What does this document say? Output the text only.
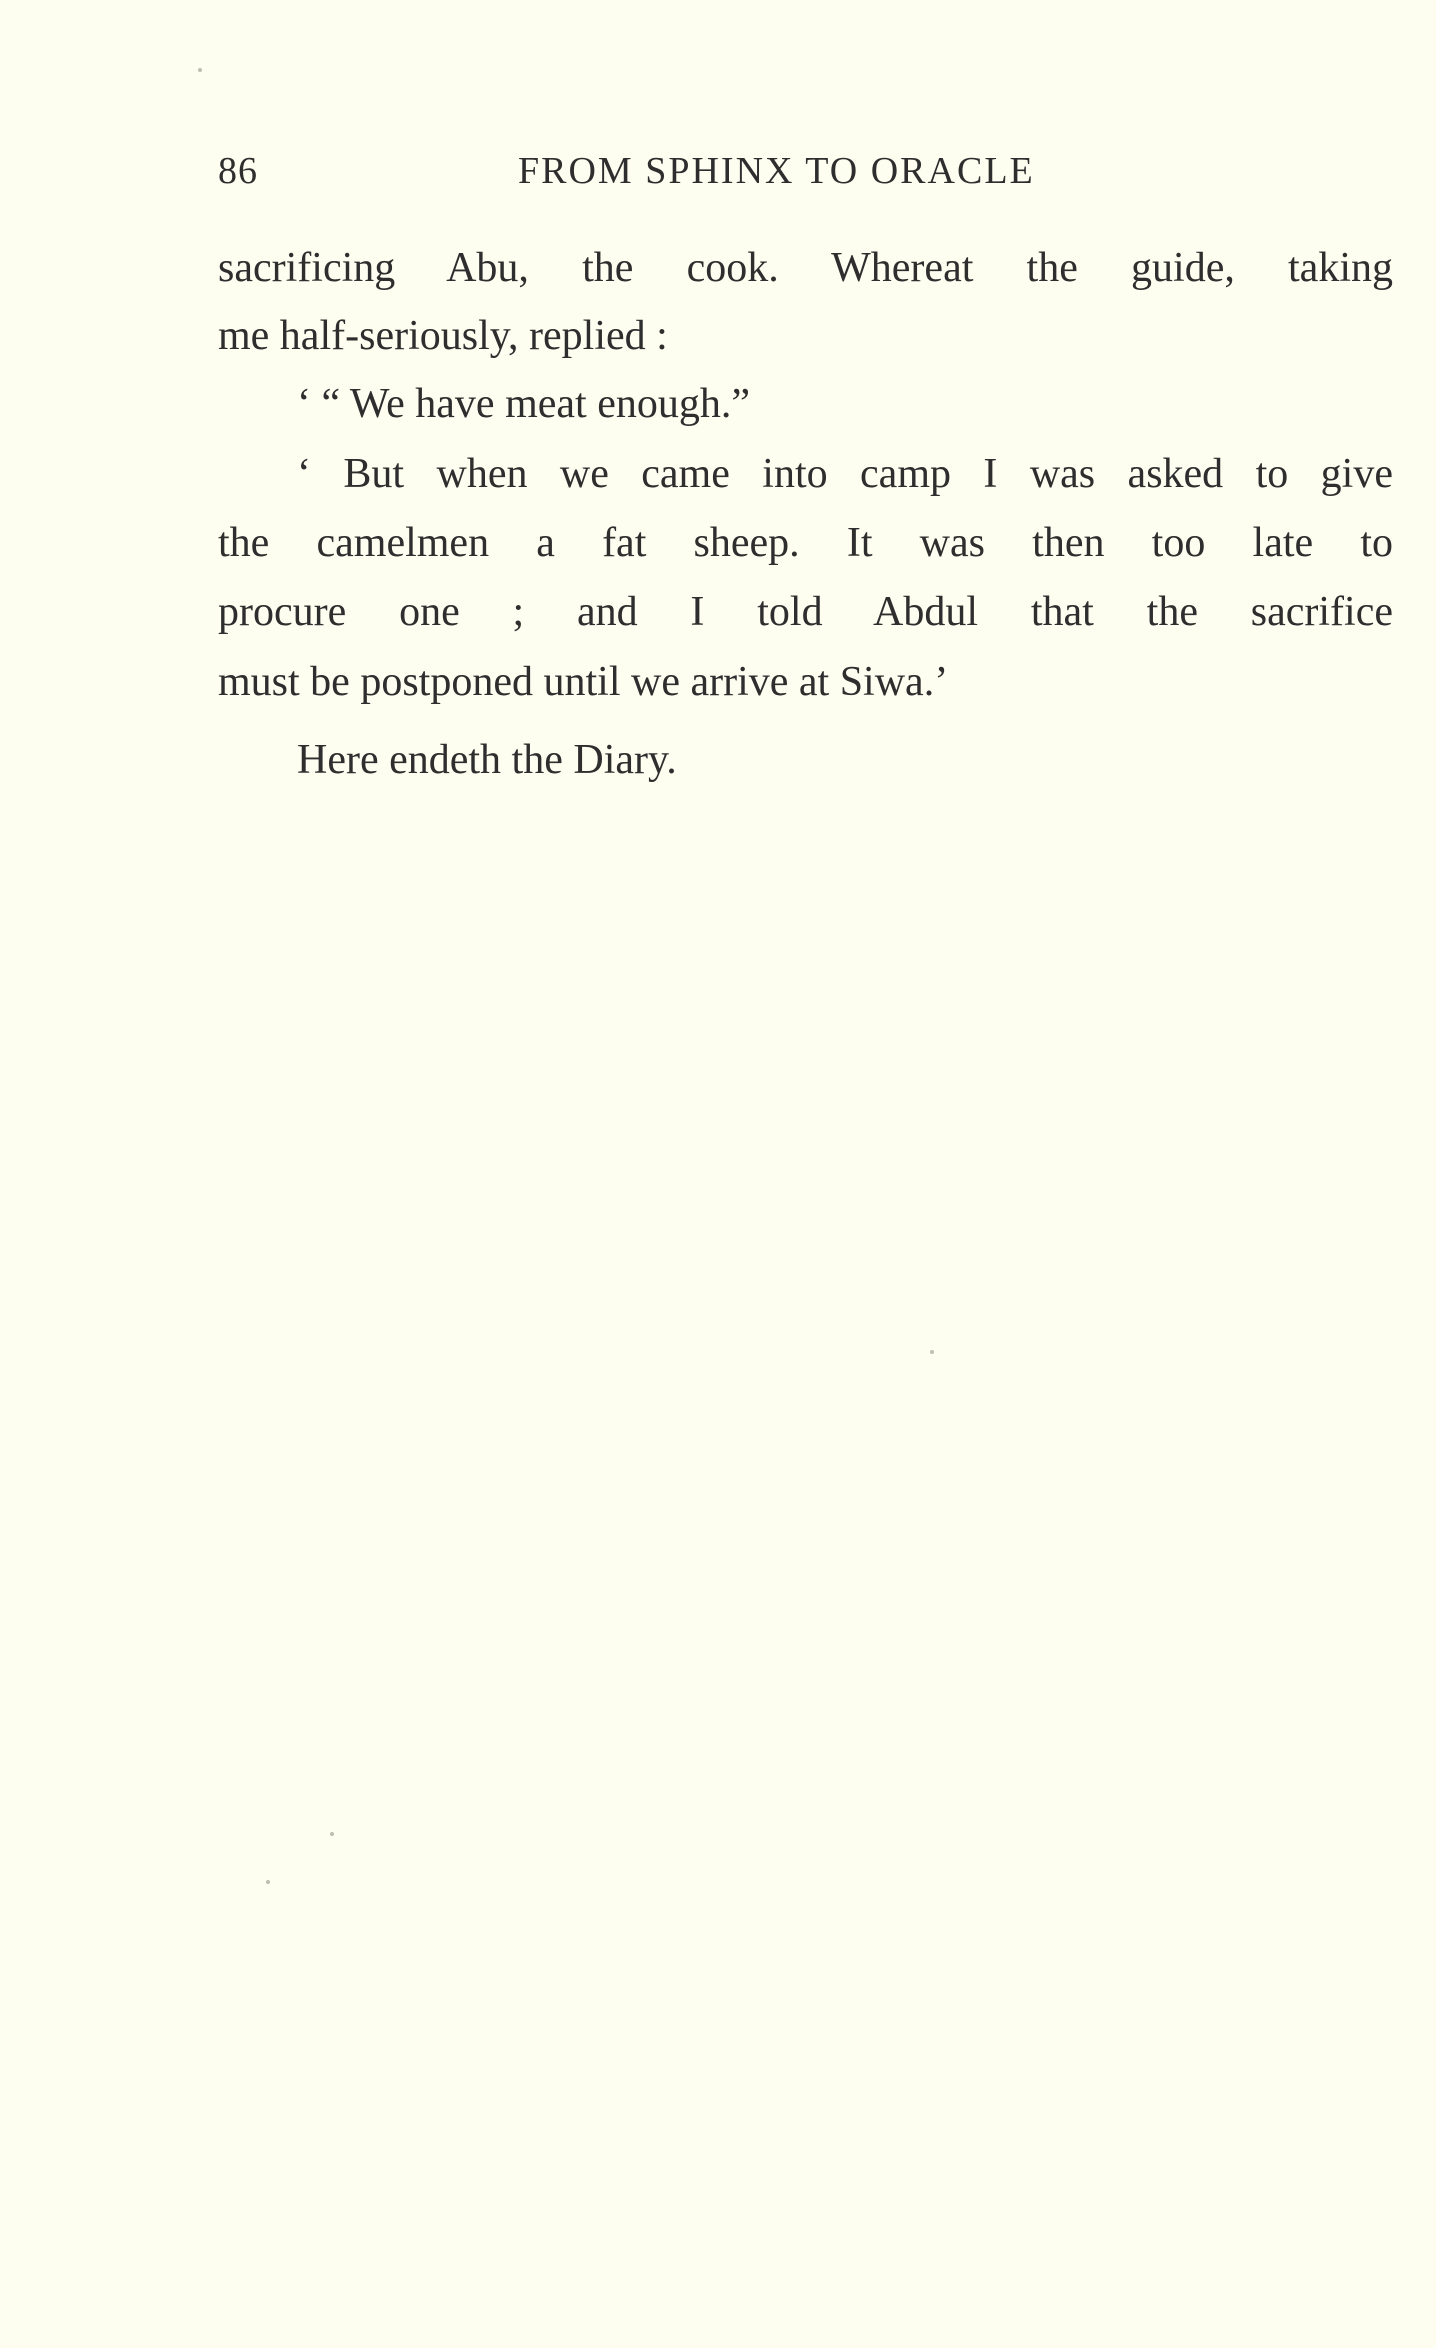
86	FROM SPHINX TO ORACLE
sacrificing Abu, the cook. Whereat the guide, taking
me half-seriously, replied :
‘ “ We have meat enough.”
‘ But when we came into camp I was asked to give
the camelmen a fat sheep. It was then too late to
procure one ; and I told Abdul that the sacrifice
must be postponed until we arrive at Siwa.’
Here endeth the Diary.
